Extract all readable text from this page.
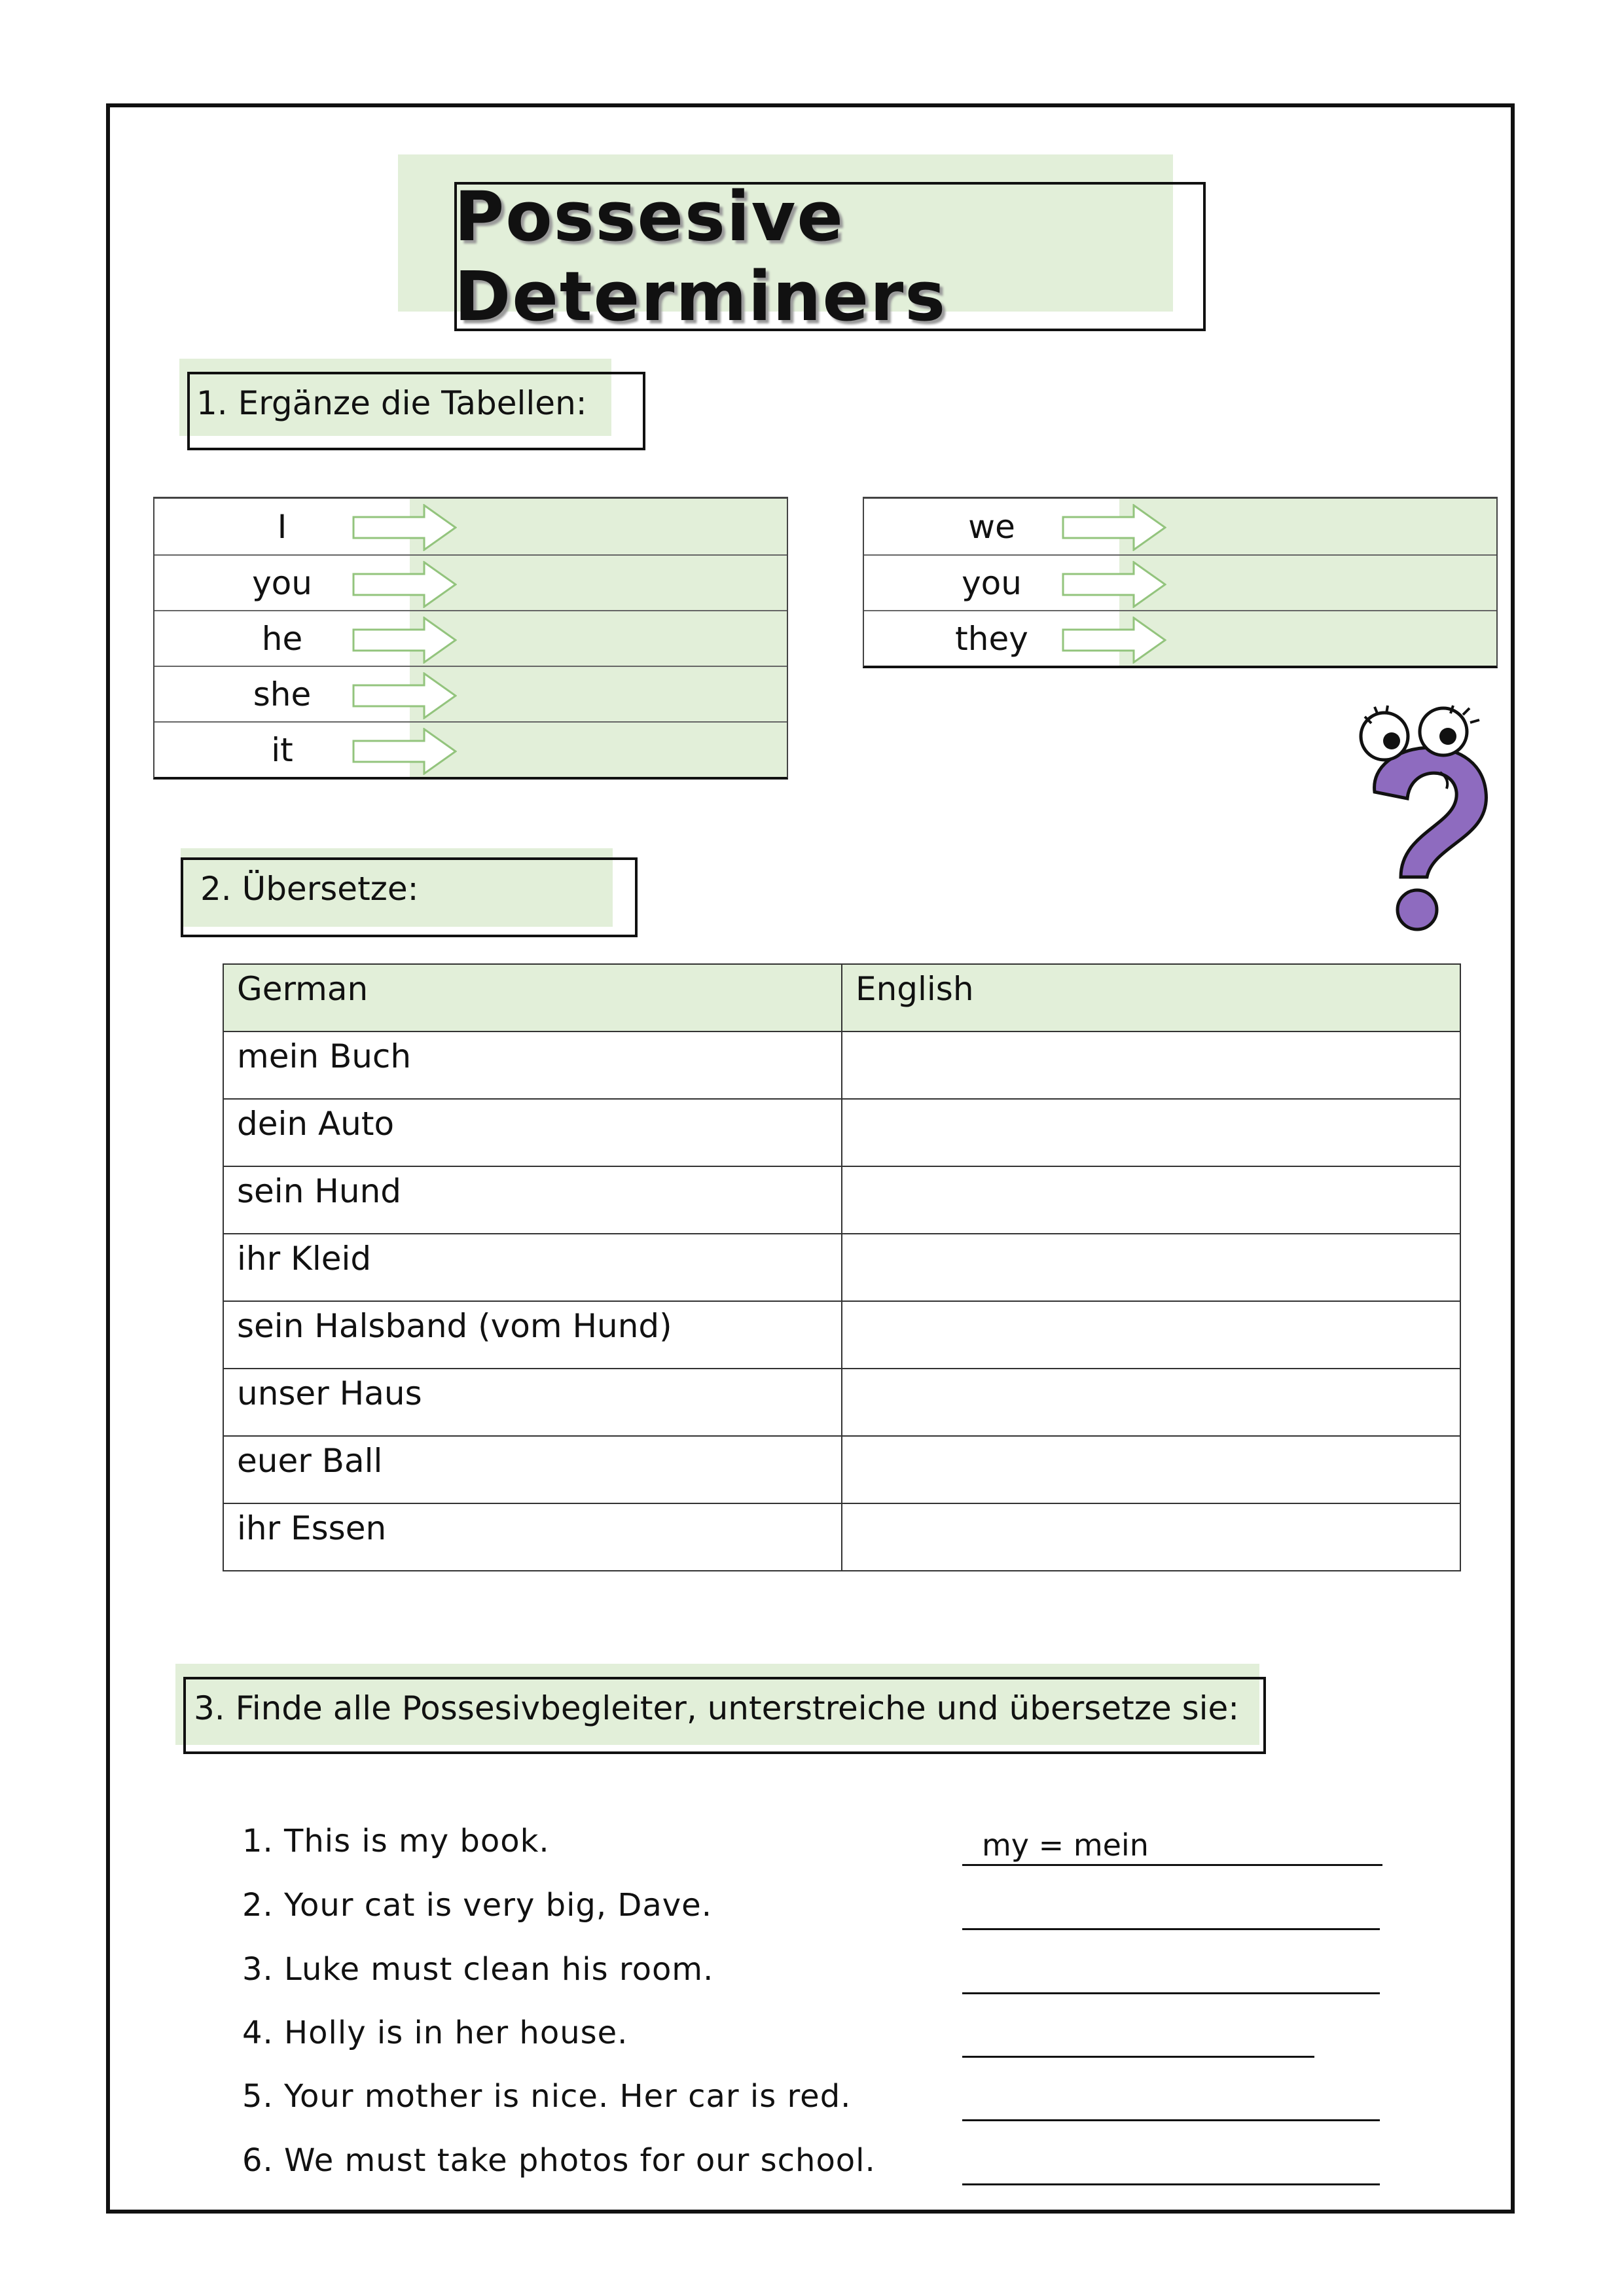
Possesive Determiners
1. Ergänze die Tabellen:
I
you
he
she
it
we
you
they
2. Übersetze:
German	English
mein Buch	
dein Auto	
sein Hund	
ihr Kleid	
sein Halsband (vom Hund)	
unser Haus	
euer Ball	
ihr Essen	
3. Finde alle Possesivbegleiter, unterstreiche und übersetze sie:
1. This is my book.
2. Your cat is very big, Dave.
3. Luke must clean his room.
4. Holly is in her house.
5. Your mother is nice. Her car is red.
6. We must take photos for our school.
my = mein
